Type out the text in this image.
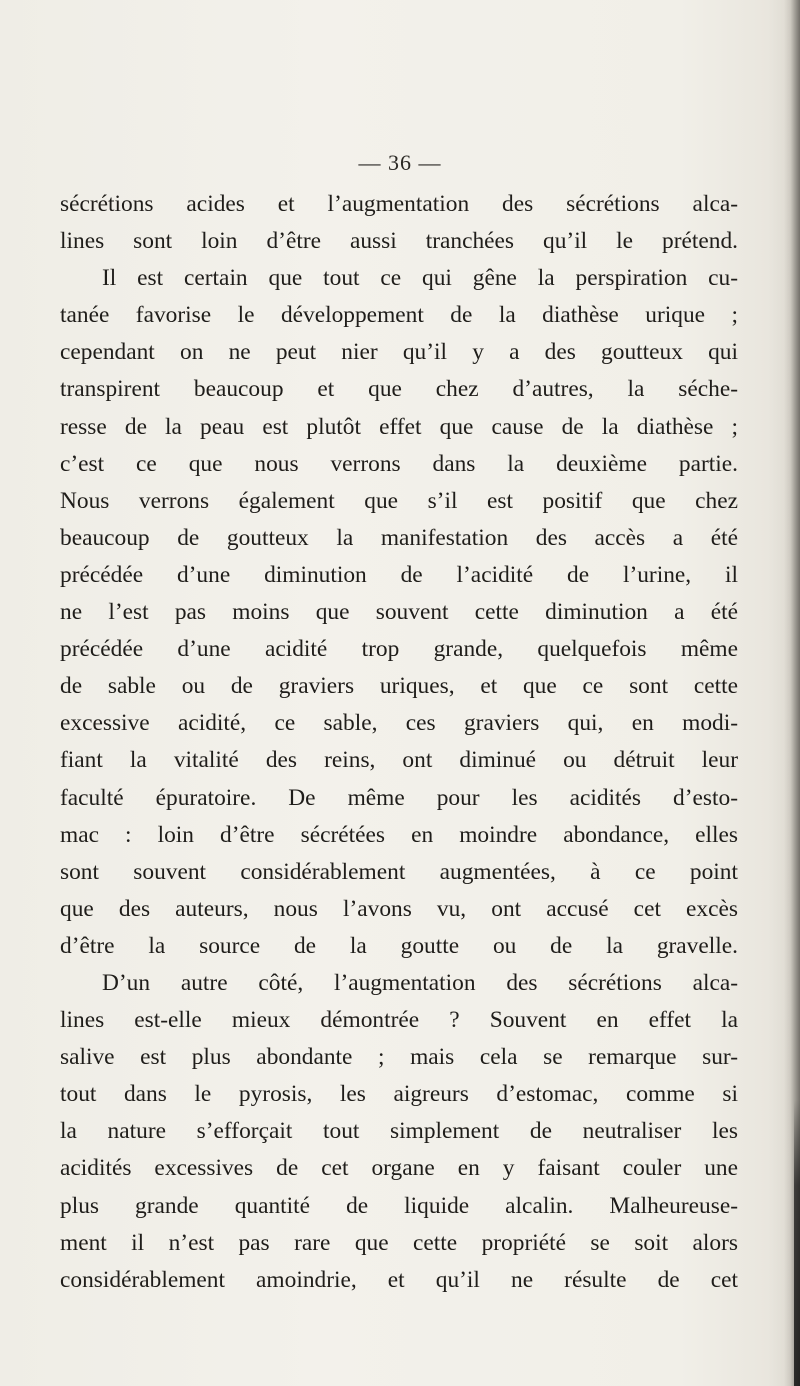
— 36 —
sécrétions acides et l’augmentation des sécrétions alca-
lines sont loin d’être aussi tranchées qu’il le prétend.
Il est certain que tout ce qui gêne la perspiration cu-
tanée favorise le développement de la diathèse urique ;
cependant on ne peut nier qu’il y a des goutteux qui
transpirent beaucoup et que chez d’autres, la séche-
resse de la peau est plutôt effet que cause de la diathèse ;
c’est ce que nous verrons dans la deuxième partie.
Nous verrons également que s’il est positif que chez
beaucoup de goutteux la manifestation des accès a été
précédée d’une diminution de l’acidité de l’urine, il
ne l’est pas moins que souvent cette diminution a été
précédée d’une acidité trop grande, quelquefois même
de sable ou de graviers uriques, et que ce sont cette
excessive acidité, ce sable, ces graviers qui, en modi-
fiant la vitalité des reins, ont diminué ou détruit leur
faculté épuratoire. De même pour les acidités d’esto-
mac : loin d’être sécrétées en moindre abondance, elles
sont souvent considérablement augmentées, à ce point
que des auteurs, nous l’avons vu, ont accusé cet excès
d’être la source de la goutte ou de la gravelle.
D’un autre côté, l’augmentation des sécrétions alca-
lines est-elle mieux démontrée ? Souvent en effet la
salive est plus abondante ; mais cela se remarque sur-
tout dans le pyrosis, les aigreurs d’estomac, comme si
la nature s’efforçait tout simplement de neutraliser les
acidités excessives de cet organe en y faisant couler une
plus grande quantité de liquide alcalin. Malheureuse-
ment il n’est pas rare que cette propriété se soit alors
considérablement amoindrie, et qu’il ne résulte de cet
